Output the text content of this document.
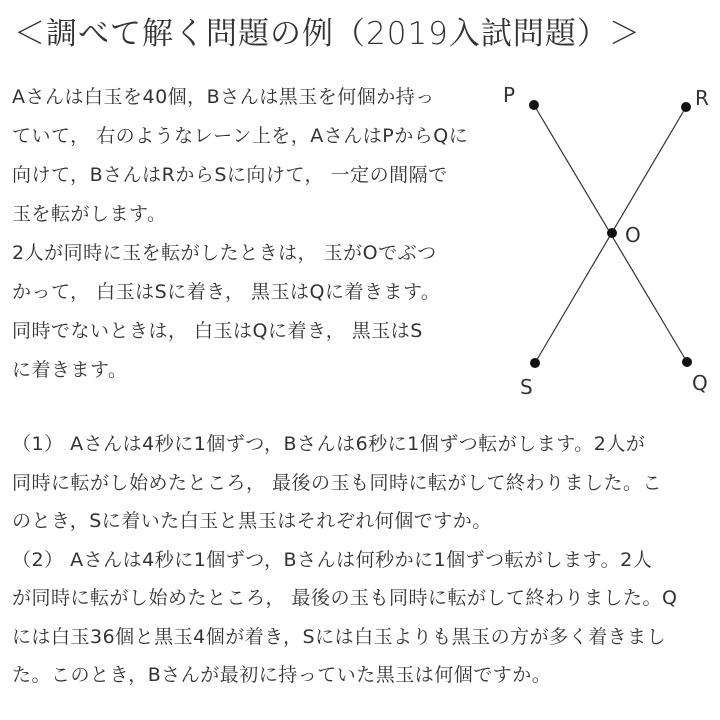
＜調べて解く問題の例（2019入試問題）＞
Aさんは白玉を40個，Bさんは黒玉を何個か持っ
ていて， 右のようなレーン上を，AさんはPからQに
向けて，BさんはRからSに向けて， 一定の間隔で
玉を転がします。
2人が同時に玉を転がしたときは， 玉がOでぶつ
かって， 白玉はSに着き， 黒玉はQに着きます。
同時でないときは， 白玉はQに着き， 黒玉はS
に着きます。
P	R
O
S	Q
（1） Aさんは4秒に1個ずつ，Bさんは6秒に1個ずつ転がします。2人が
同時に転がし始めたところ， 最後の玉も同時に転がして終わりました。こ
のとき，Sに着いた白玉と黒玉はそれぞれ何個ですか。
（2） Aさんは4秒に1個ずつ，Bさんは何秒かに1個ずつ転がします。2人
が同時に転がし始めたところ， 最後の玉も同時に転がして終わりました。Q
には白玉36個と黒玉4個が着き，Sには白玉よりも黒玉の方が多く着きまし
た。このとき，Bさんが最初に持っていた黒玉は何個ですか。
